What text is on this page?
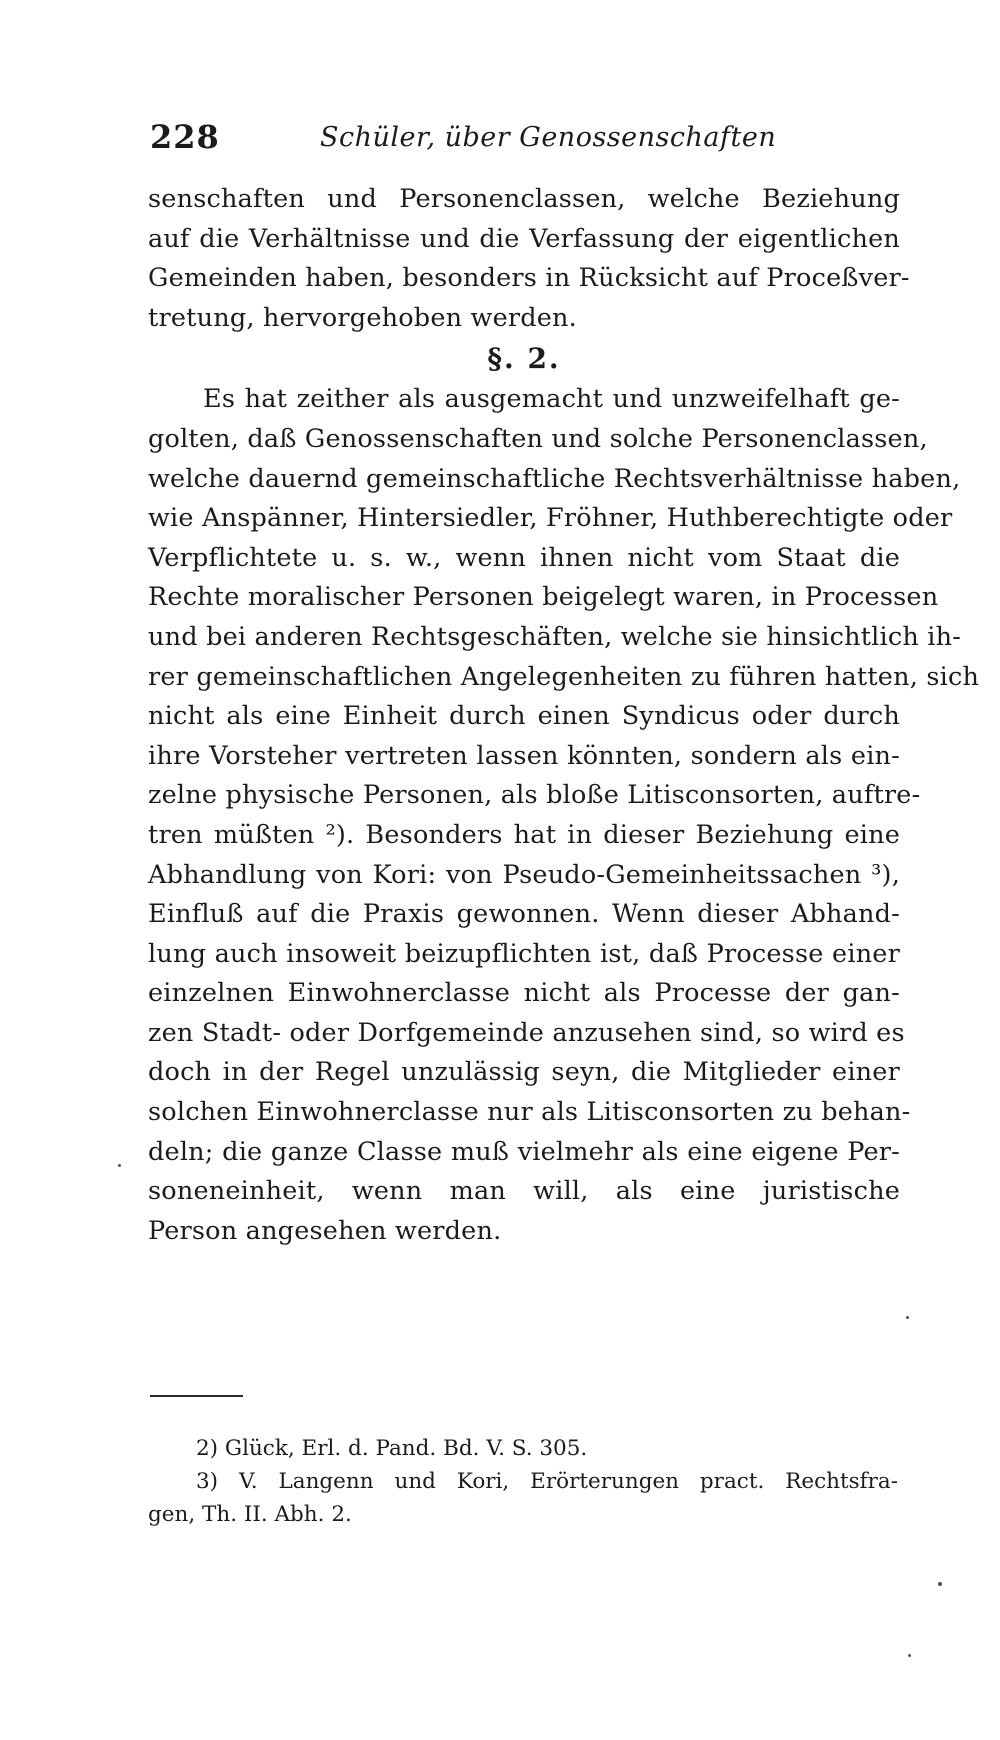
228	Schüler, über Genossenschaften
senschaften und Personenclassen, welche Beziehung
auf die Verhältnisse und die Verfassung der eigentlichen
Gemeinden haben, besonders in Rücksicht auf Proceßver-
tretung, hervorgehoben werden.
§. 2.
Es hat zeither als ausgemacht und unzweifelhaft ge-
golten, daß Genossenschaften und solche Personenclassen,
welche dauernd gemeinschaftliche Rechtsverhältnisse haben,
wie Anspänner, Hintersiedler, Fröhner, Huthberechtigte oder
Verpflichtete u. s. w., wenn ihnen nicht vom Staat die
Rechte moralischer Personen beigelegt waren, in Processen
und bei anderen Rechtsgeschäften, welche sie hinsichtlich ih-
rer gemeinschaftlichen Angelegenheiten zu führen hatten, sich
nicht als eine Einheit durch einen Syndicus oder durch
ihre Vorsteher vertreten lassen könnten, sondern als ein-
zelne physische Personen, als bloße Litisconsorten, auftre-
tren müßten ²). Besonders hat in dieser Beziehung eine
Abhandlung von Kori: von Pseudo-Gemeinheitssachen ³),
Einfluß auf die Praxis gewonnen. Wenn dieser Abhand-
lung auch insoweit beizupflichten ist, daß Processe einer
einzelnen Einwohnerclasse nicht als Processe der gan-
zen Stadt- oder Dorfgemeinde anzusehen sind, so wird es
doch in der Regel unzulässig seyn, die Mitglieder einer
solchen Einwohnerclasse nur als Litisconsorten zu behan-
deln; die ganze Classe muß vielmehr als eine eigene Per-
soneneinheit, wenn man will, als eine juristische
Person angesehen werden.
2) Glück, Erl. d. Pand. Bd. V. S. 305.
3) V. Langenn und Kori, Erörterungen pract. Rechtsfra-
gen, Th. II. Abh. 2.
